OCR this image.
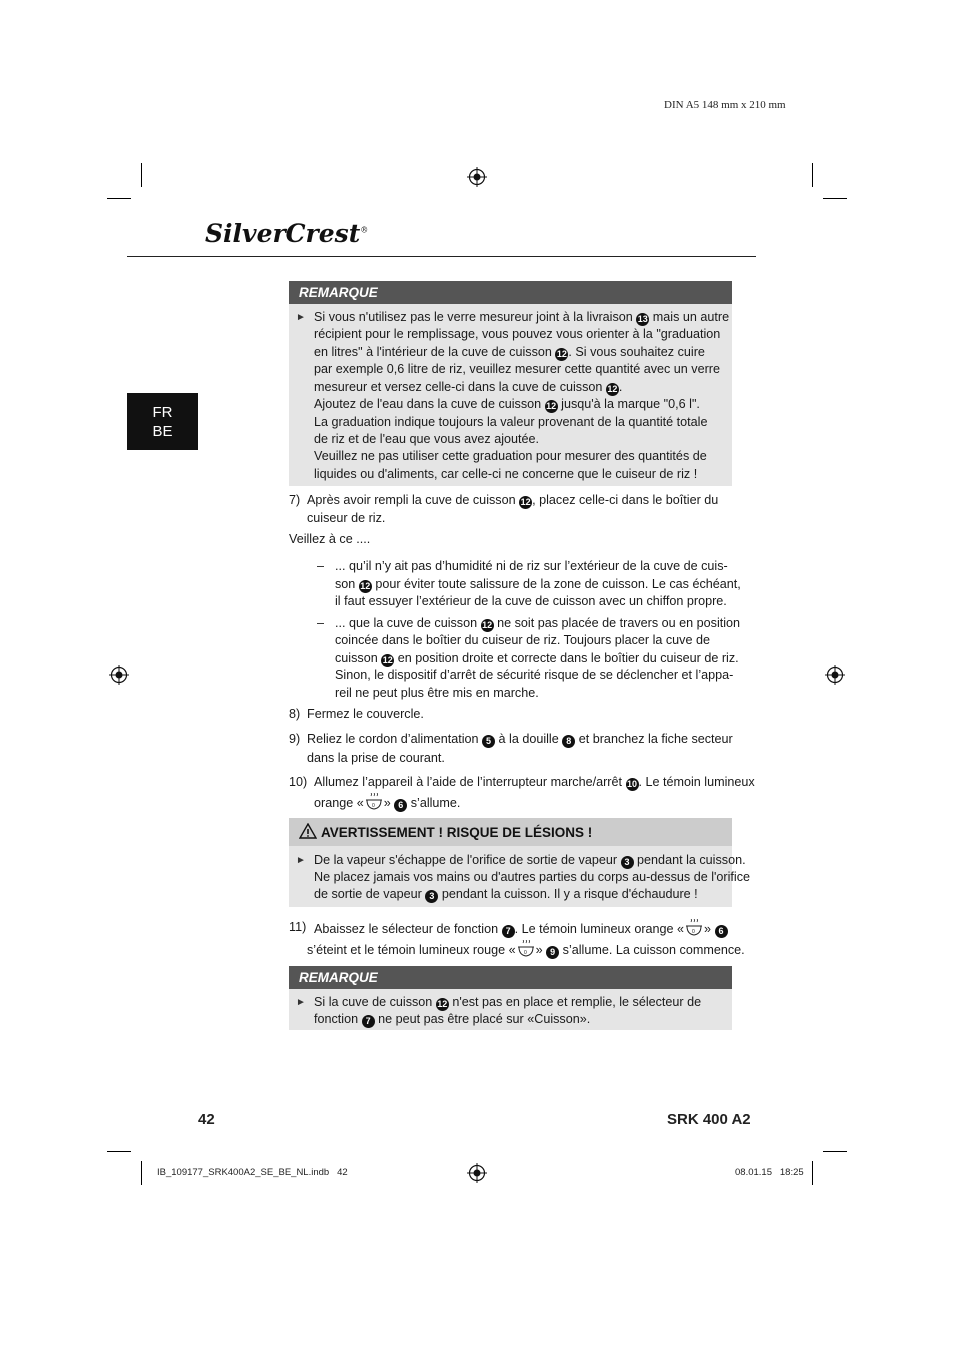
DIN A5 148 mm x 210 mm
SilverCrest®
FR
BE
REMARQUE
► Si vous n'utilisez pas le verre mesureur joint à la livraison 13 mais un autre
récipient pour le remplissage, vous pouvez vous orienter à la "graduation
en litres" à l'intérieur de la cuve de cuisson 12 . Si vous souhaitez cuire
par exemple 0,6 litre de riz, veuillez mesurer cette quantité avec un verre
mesureur et versez celle-ci dans la cuve de cuisson 12 .
Ajoutez de l'eau dans la cuve de cuisson 12 jusqu'à la marque "0,6 l".
La graduation indique toujours la valeur provenant de la quantité totale
de riz et de l'eau que vous avez ajoutée.
Veuillez ne pas utiliser cette graduation pour mesurer des quantités de
liquides ou d'aliments, car celle-ci ne concerne que le cuiseur de riz !
7) Après avoir rempli la cuve de cuisson 12 , placez celle-ci dans le boîtier du
cuiseur de riz.
Veillez à ce ....
– ... qu’il n’y ait pas d’humidité ni de riz sur l’extérieur de la cuve de cuis-
son 12 pour éviter toute salissure de la zone de cuisson. Le cas échéant,
il faut essuyer l’extérieur de la cuve de cuisson avec un chiffon propre.
– ... que la cuve de cuisson 12 ne soit pas placée de travers ou en position
coincée dans le boîtier du cuiseur de riz. Toujours placer la cuve de
cuisson 12 en position droite et correcte dans le boîtier du cuiseur de riz.
Sinon, le dispositif d’arrêt de sécurité risque de se déclencher et l’appa-
reil ne peut plus être mis en marche.
8) Fermez le couvercle.
9) Reliez le cordon d’alimentation 5 à la douille 8 et branchez la fiche secteur
dans la prise de courant.
10) Allumez l’appareil à l’aide de l’interrupteur marche/arrêt 10 . Le témoin lumineux
orange « 0 » 6 s’allume.
AVERTISSEMENT ! RISQUE DE LÉSIONS !
► De la vapeur s'échappe de l'orifice de sortie de vapeur 3 pendant la cuisson.
Ne placez jamais vos mains ou d'autres parties du corps au-dessus de l'orifice
de sortie de vapeur 3 pendant la cuisson. Il y a risque d'échaudure !
11) Abaissez le sélecteur de fonction 7 . Le témoin lumineux orange « 0 » 6
s’éteint et le témoin lumineux rouge « 0 » 9 s’allume. La cuisson commence.
REMARQUE
► Si la cuve de cuisson 12 n'est pas en place et remplie, le sélecteur de
fonction 7 ne peut pas être placé sur «Cuisson».
42	SRK 400 A2
IB_109177_SRK400A2_SE_BE_NL.indb   42	08.01.15   18:25
